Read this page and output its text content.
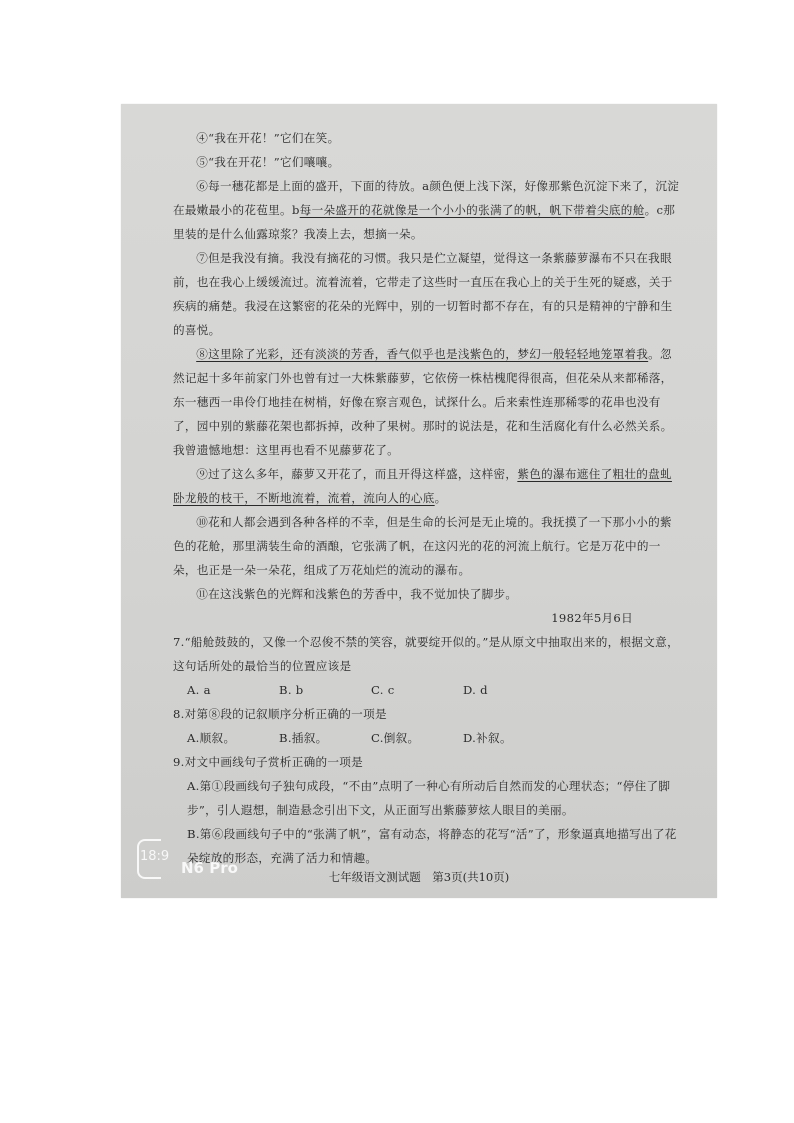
④“我在开花！”它们在笑。

⑤“我在开花！”它们嚷嚷。

⑥每一穗花都是上面的盛开，下面的待放。a颜色便上浅下深，好像那紫色沉淀下来了，沉淀在最嫩最小的花苞里。b每一朵盛开的花就像是一个小小的张满了的帆，帆下带着尖底的舱。c那里装的是什么仙露琼浆？我凑上去，想摘一朵。

⑦但是我没有摘。我没有摘花的习惯。我只是伫立凝望，觉得这一条紫藤萝瀑布不只在我眼前，也在我心上缓缓流过。流着流着，它带走了这些时一直压在我心上的关于生死的疑惑，关于疾病的痛楚。我浸在这繁密的花朵的光辉中，别的一切暂时都不存在，有的只是精神的宁静和生的喜悦。

⑧这里除了光彩，还有淡淡的芳香，香气似乎也是浅紫色的，梦幻一般轻轻地笼罩着我。忽然记起十多年前家门外也曾有过一大株紫藤萝，它依傍一株枯槐爬得很高，但花朵从来都稀落，东一穗西一串伶仃地挂在树梢，好像在察言观色，试探什么。后来索性连那稀零的花串也没有了，园中别的紫藤花架也都拆掉，改种了果树。那时的说法是，花和生活腐化有什么必然关系。我曾遗憾地想：这里再也看不见藤萝花了。

⑨过了这么多年，藤萝又开花了，而且开得这样盛，这样密，紫色的瀑布遮住了粗壮的盘虬卧龙般的枝干，不断地流着，流着，流向人的心底。

⑩花和人都会遇到各种各样的不幸，但是生命的长河是无止境的。我抚摸了一下那小小的紫色的花舱，那里满装生命的酒酿，它张满了帆，在这闪光的花的河流上航行。它是万花中的一朵，也正是一朵一朵花，组成了万花灿烂的流动的瀑布。

⑪在这浅紫色的光辉和浅紫色的芳香中，我不觉加快了脚步。

1982年5月6日

7.“船舱鼓鼓的，又像一个忍俊不禁的笑容，就要绽开似的。”是从原文中抽取出来的，根据文意，这句话所处的最恰当的位置应该是

A. a	B. b	C. c	D. d

8.对第⑧段的记叙顺序分析正确的一项是

A.顺叙。	B.插叙。	C.倒叙。	D.补叙。

9.对文中画线句子赏析正确的一项是

A.第①段画线句子独句成段，“不由”点明了一种心有所动后自然而发的心理状态；“停住了脚步”，引人遐想，制造悬念引出下文，从正面写出紫藤萝炫人眼目的美丽。

B.第⑥段画线句子中的“张满了帆”，富有动态，将静态的花写“活”了，形象逼真地描写出了花朵绽放的形态，充满了活力和情趣。

18:9
N6 Pro	七年级语文测试题　第3页(共10页)
